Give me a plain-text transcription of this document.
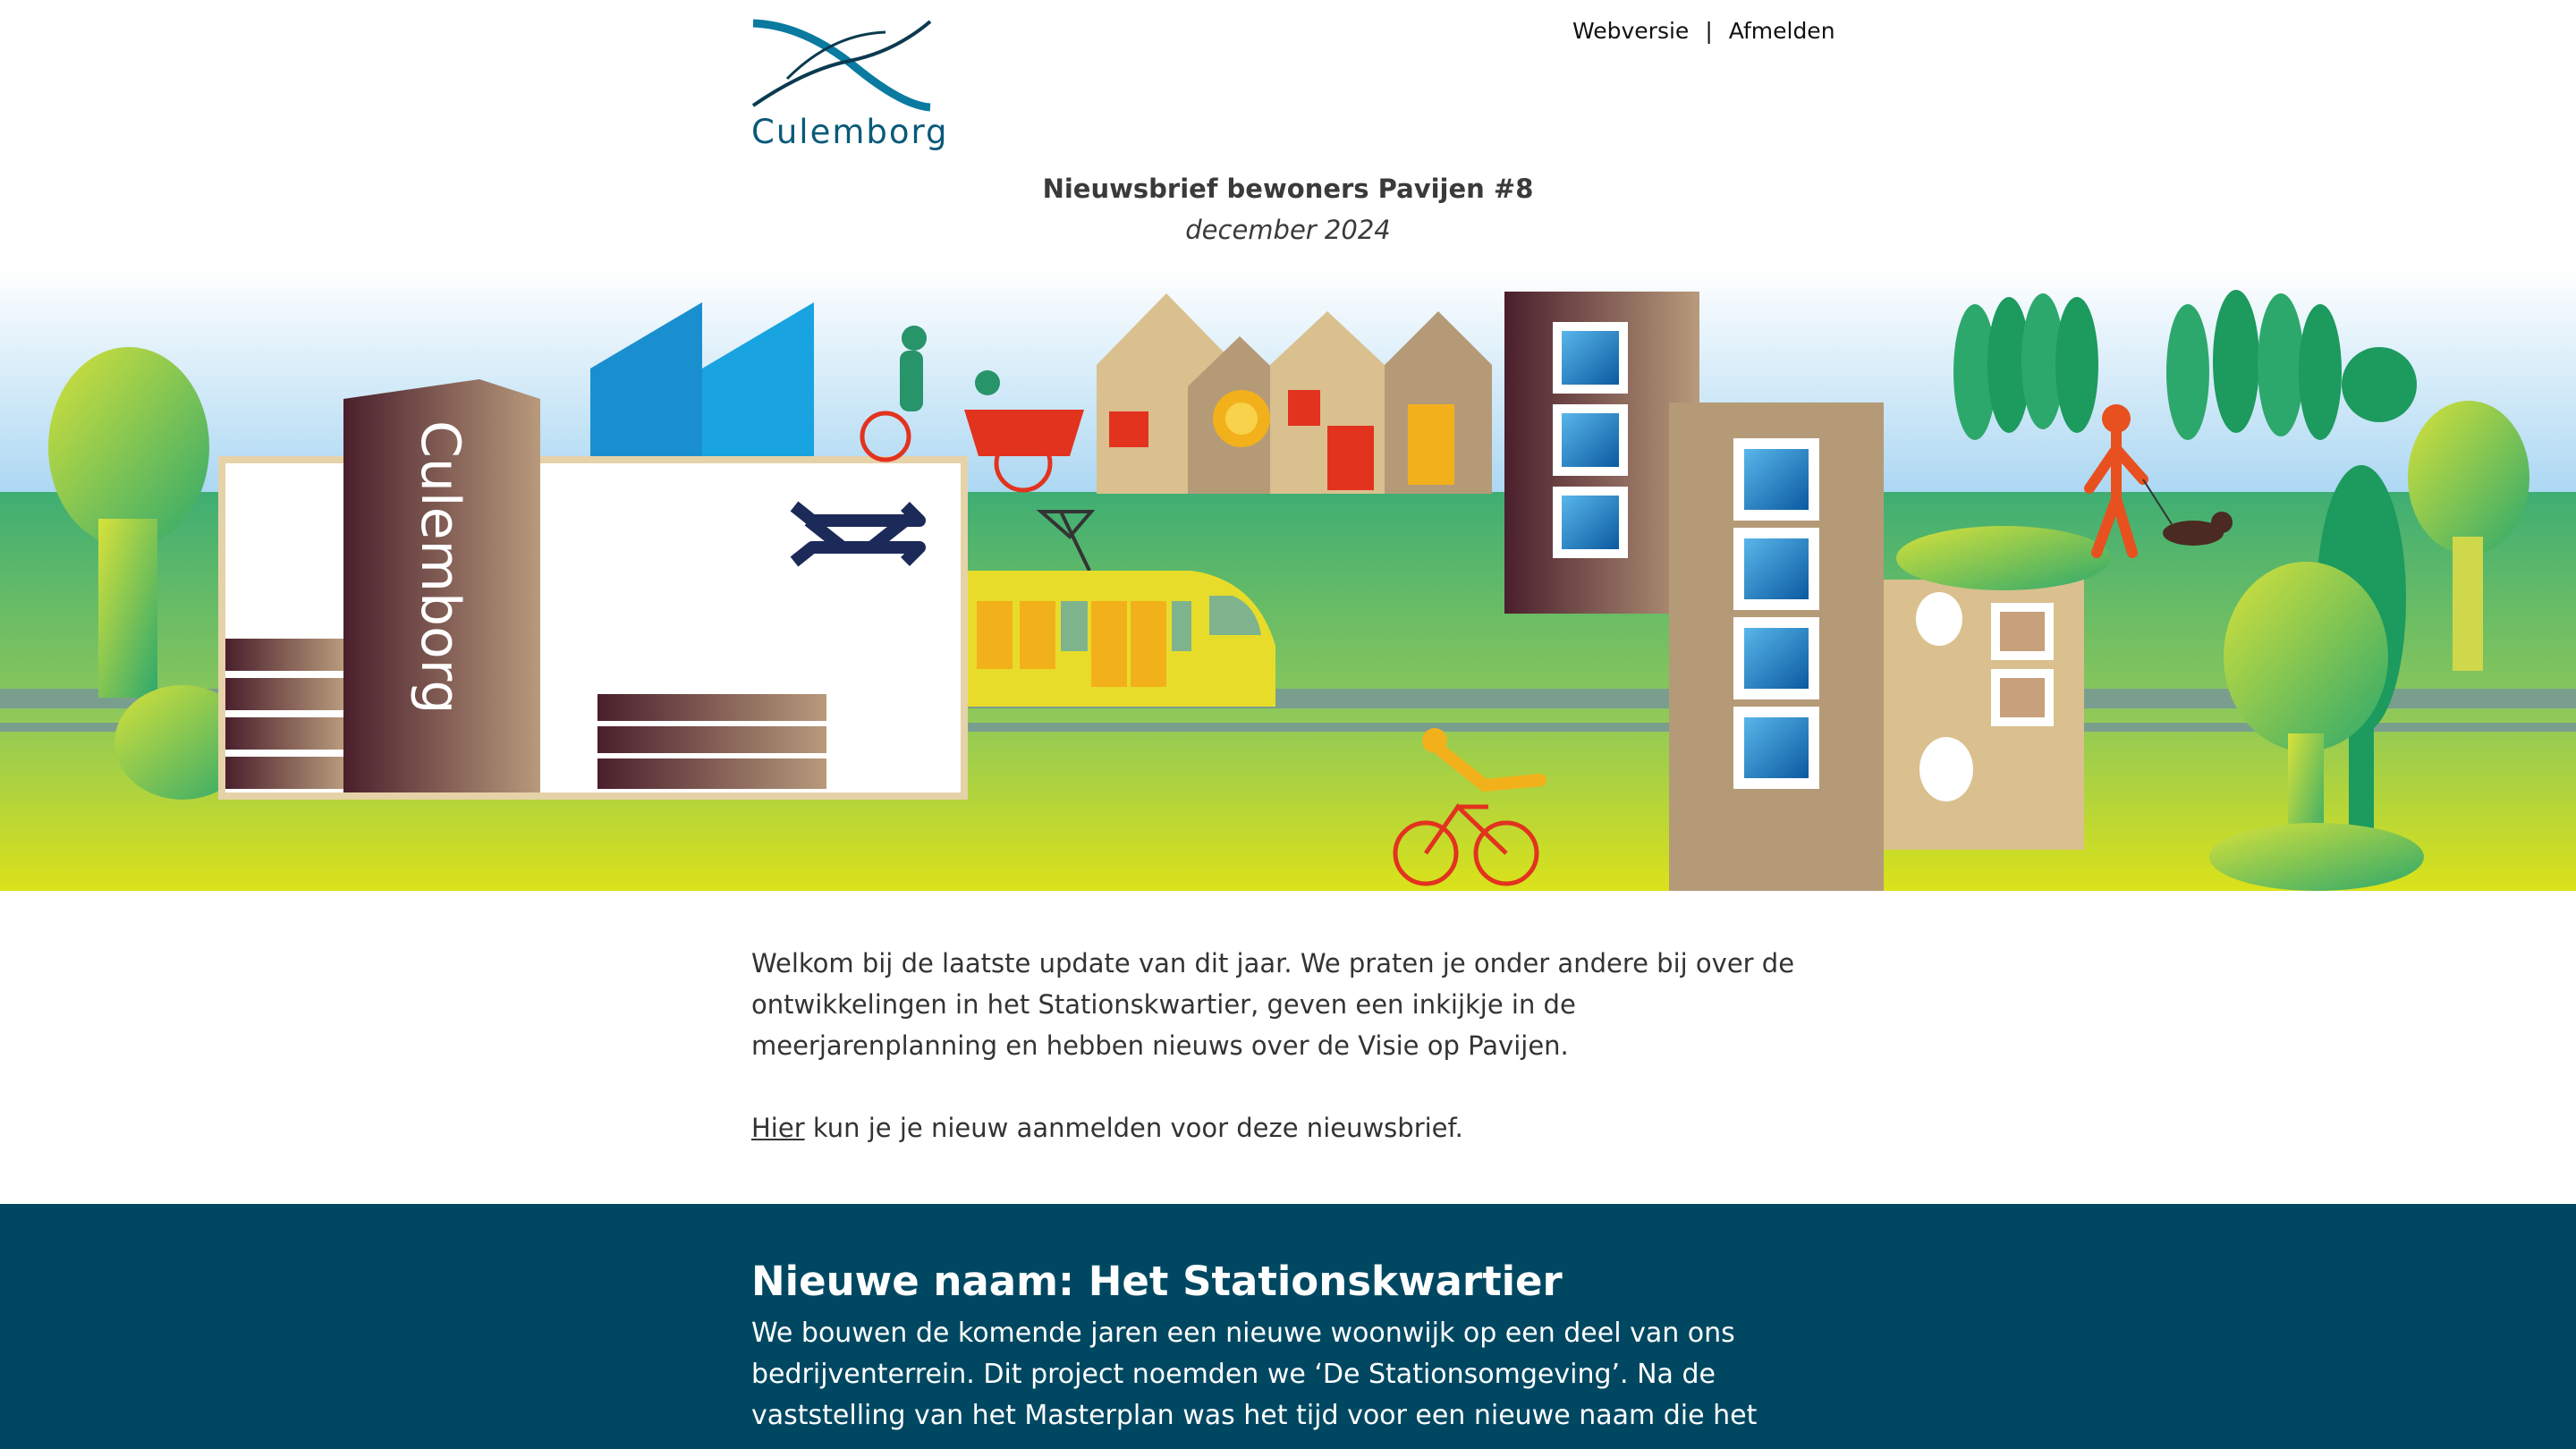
Culemborg
Webversie | Afmelden
Nieuwsbrief bewoners Pavijen #8
december 2024
Culemborg

Welkom bij de laatste update van dit jaar. We praten je onder andere bij over de ontwikkelingen in het Stationskwartier, geven een inkijkje in de meerjarenplanning en hebben nieuws over de Visie op Pavijen.

Hier kun je je nieuw aanmelden voor deze nieuwsbrief.

Nieuwe naam: Het Stationskwartier
We bouwen de komende jaren een nieuwe woonwijk op een deel van ons bedrijventerrein. Dit project noemden we ‘De Stationsomgeving’. Na de vaststelling van het Masterplan was het tijd voor een nieuwe naam die het
